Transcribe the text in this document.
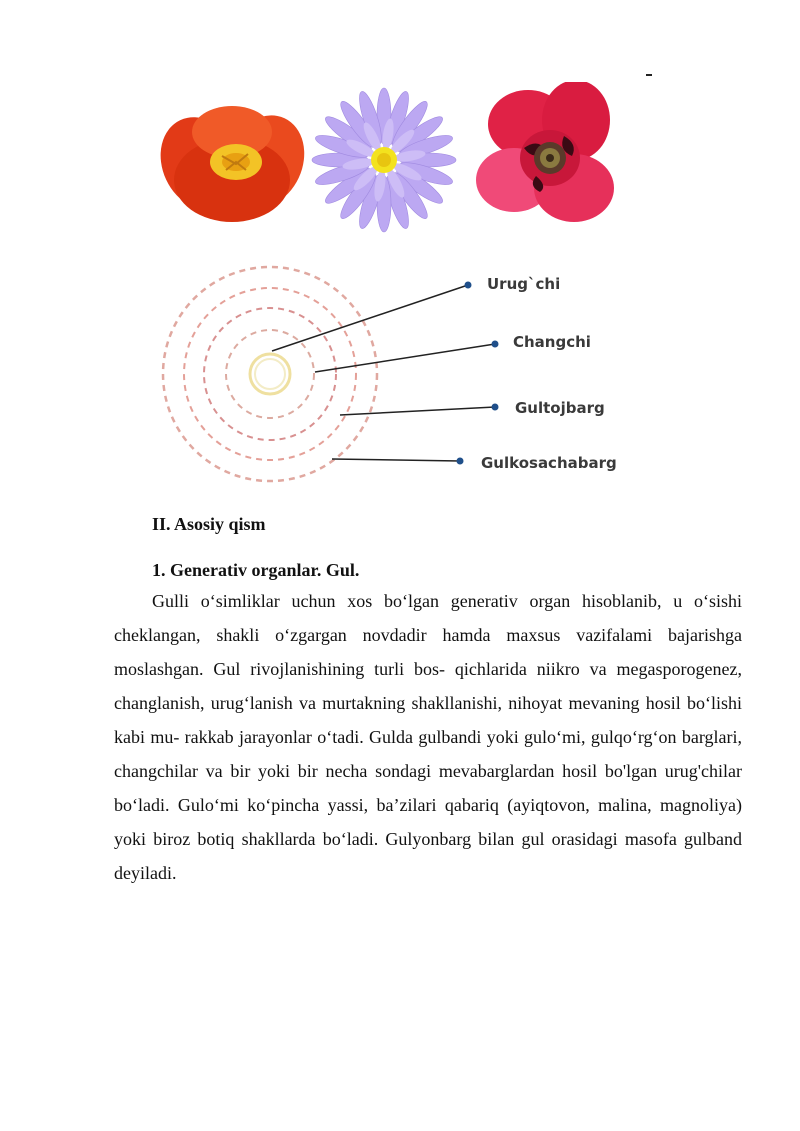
Urug`chi
Changchi
Gultojbarg
Gulkosachabarg

II. Asosiy qism

1. Generativ organlar. Gul.

Gulli o‘simliklar uchun xos bo‘lgan generativ organ hisoblanib, u o‘sishi cheklangan, shakli o‘zgargan novdadir hamda maxsus vazifalami bajarishga moslashgan. Gul rivojlanishining turli bos- qichlarida niikro va megasporogenez, changlanish, urug‘lanish va murtakning shakllanishi, nihoyat mevaning hosil bo‘lishi kabi mu- rakkab jarayonlar o‘tadi. Gulda gulbandi yoki gulo‘mi, gulqo‘rg‘on barglari, changchilar va bir yoki bir necha sondagi mevabarglardan hosil bo'lgan urug'chilar bo‘ladi. Gulo‘mi ko‘pincha yassi, ba’zilari qabariq (ayiqtovon, malina, magnoliya) yoki biroz botiq shakllarda bo‘ladi. Gulyonbarg bilan gul orasidagi masofa gulband deyiladi.
